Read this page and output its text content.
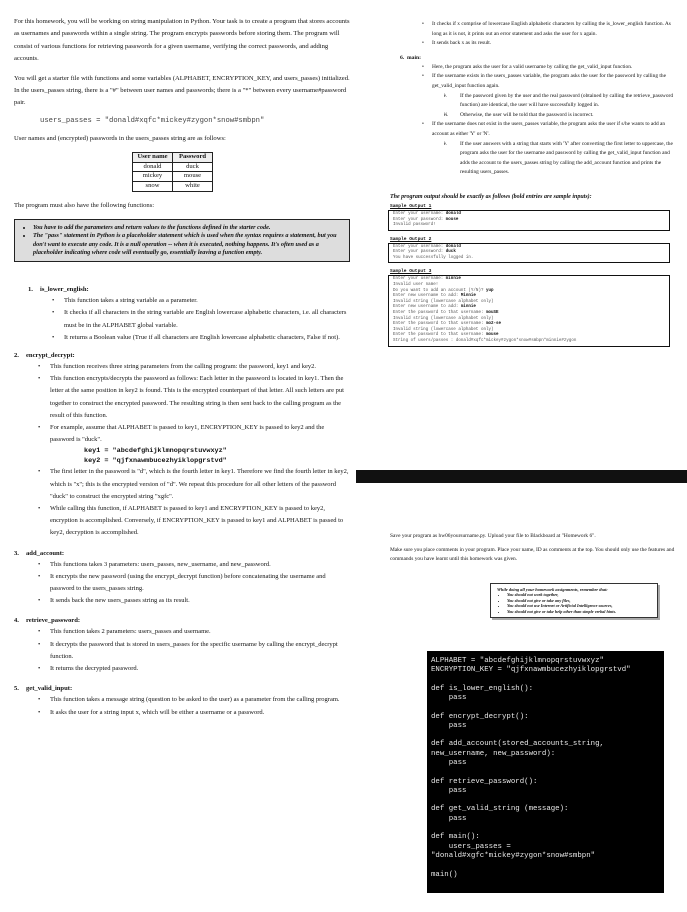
For this homework, you will be working on string manipulation in Python. Your task is to create a program that stores accounts as usernames and passwords within a single string. The program encrypts passwords before storing them. The program will consist of various functions for retrieving passwords for a given username, verifying the correct passwords, and adding accounts.

You will get a starter file with functions and some variables (ALPHABET, ENCRYPTION_KEY, and users_passes) initialized. In the users_passes string, there is a "#" between user names and passwords; there is a "*" between every username#password pair.

users_passes = "donald#xqfc*mickey#zygon*snow#smbpn"

User names and (encrypted) passwords in the users_passes string are as follows:

User name	Password
donald	duck
mickey	mouse
snow	white

The program must also have the following functions:

• You have to add the parameters and return values to the functions defined in the starter code.
• The "pass" statement in Python is a placeholder statement which is used when the syntax requires a statement, but you don't want to execute any code. It is a null operation -- when it is executed, nothing happens. It's often used as a placeholder indicating where code will eventually go, essentially leaving a function empty.
1. is_lower_english:
• This function takes a string variable as a parameter.
• It checks if all characters in the string variable are English lowercase alphabetic characters, i.e. all characters must be in the ALPHABET global variable.
• It returns a Boolean value (True if all characters are English lowercase alphabetic characters, False if not).
2. encrypt_decrypt:
• This function receives three string parameters from the calling program: the password, key1 and key2.
• This function encrypts/decrypts the password as follows: Each letter in the password is located in key1. Then the letter at the same position in key2 is found. This is the encrypted counterpart of that letter. All such letters are put together to construct the encrypted password. The resulting string is then sent back to the calling program as the result of this function.
• For example, assume that ALPHABET is passed to key1, ENCRYPTION_KEY is passed to key2 and the password is "duck".
key1 = "abcdefghijklmnopqrstuvwxyz"
key2 = "qjfxnawmbucezhyiklopgrstvd"
• The first letter in the password is "d", which is the fourth letter in key1. Therefore we find the fourth letter in key2, which is "x"; this is the encrypted version of "d". We repeat this procedure for all other letters of the password "duck" to construct the encrypted string "xgfc".
• While calling this function, if ALPHABET is passed to key1 and ENCRYPTION_KEY is passed to key2, encryption is accomplished. Conversely, if ENCRYPTION_KEY is passed to key1 and ALPHABET is passed to key2, decryption is accomplished.
3. add_account:
• This functions takes 3 parameters: users_passes, new_username, and new_password.
• It encrypts the new password (using the encrypt_decrypt function) before concatenating the username and password to the users_passes string.
• It sends back the new users_passes string as its result.
4. retrieve_password:
• This function takes 2 parameters: users_passes and username.
• It decrypts the password that is stored in users_passes for the specific username by calling the encrypt_decrypt function.
• It returns the decrypted password.
5. get_valid_input:
• This function takes a message string (question to be asked to the user) as a parameter from the calling program.
• It asks the user for a string input x, which will be either a username or a password.
• It checks if x comprise of lowercase English alphabetic characters by calling the is_lower_english function. As long as it is not, it prints out an error statement and asks the user for x again.
• It sends back x as its result.
6. main:
• Here, the program asks the user for a valid username by calling the get_valid_input function.
• If the username exists in the users_passes variable, the program asks the user for the password by calling the get_valid_input function again.
• i. If the password given by the user and the real password (obtained by calling the retrieve_password function) are identical, the user will have successfully logged in.
• ii. Otherwise, the user will be told that the password is incorrect.
• If the username does not exist in the users_passes variable, the program asks the user if s/he wants to add an account as either 'Y' or 'N'.
• i. If the user answers with a string that starts with 'Y' after converting the first letter to uppercase, the program asks the user for the username and password by calling the get_valid_input function and adds the account to the users_passes string by calling the add_account function and prints the resulting users_passes.
The program output should be exactly as follows (bold entries are sample inputs):
Sample Output 1
Enter your username: donald
Enter your password: mouse
Invalid password!
Sample Output 2
Enter your username: donald
Enter your password: duck
You have successfully logged in.
Sample Output 3
Enter your username: minnie
Invalid user name!
Do you want to add an account (Y/N)? yup
Enter new username to add: Minnie
Invalid string (lowercase alphabet only)
Enter new username to add: minnie
Enter the password to that username: mouSE
Invalid string (lowercase alphabet only)
Enter the password to that username: mo2-se
Invalid string (lowercase alphabet only)
Enter the password to that username: mouse
String of users/passes : donald#xqfc*mickey#zygon*snow#smbpn*minnie#zygon

Save your program as hw06yoursurname.py. Upload your file to Blackboard at "Homework 6".

Make sure you place comments in your program. Place your name, ID as comments at the top. You should only use the features and commands you have learnt until this homework was given.

While doing all your homework assignments, remember that:
• You should not work together,
• You should not give or take any files,
• You should not use Internet or Artificial Intelligence sources,
• You should not give or take help other than simple verbal hints.
ALPHABET = "abcdefghijklmnopqrstuvwxyz"
ENCRYPTION_KEY = "qjfxnawmbucezhyiklopgrstvd"
def is_lower_english():
pass
def encrypt_decrypt():
pass
def add_account(stored_accounts_string,
new_username, new_password):
pass
def retrieve_password():
pass
def get_valid_string (message):
pass
def main():
users_passes =
"donald#xgfc*mickey#zygon*snow#smbpn"
main()
